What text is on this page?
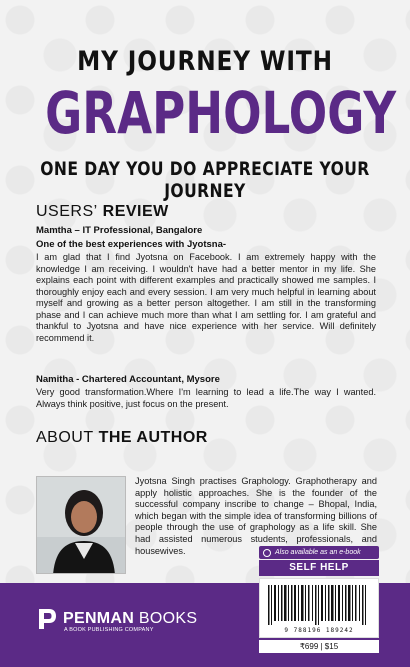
MY JOURNEY WITH
GRAPHOLOGY
ONE DAY YOU DO APPRECIATE YOUR JOURNEY
USERS’ REVIEW
Mamtha – IT Professional, Bangalore
One of the best experiences with Jyotsna-
I am glad that I find Jyotsna on Facebook. I am extremely happy with the knowledge I am receiving. I wouldn't have had a better mentor in my life. She explains each point with different examples and practically showed me samples. I thoroughly enjoy each and every session. I am very much helpful in learning about myself and growing as a better person altogether. I am still in the transforming phase and I can achieve much more than what I am settling for. I am grateful and thankful to Jyotsna and have nice experience with her service. Will definitely recommend it.
Namitha - Chartered Accountant, Mysore
Very good transformation.Where I'm learning to lead a life.The way I wanted. Always think positive, just focus on the present.
ABOUT THE AUTHOR
Jyotsna Singh practises Graphology. Graphotherapy and apply holistic approaches. She is the founder of the successful company inscribe to change – Bhopal, India, which began with the simple idea of transforming billions of people through the use of graphology as a life skill. She had assisted numerous students, professionals, and housewives.	Also available as an e-book
SELF HELP
9 788196 189242
₹699 | $15
PENMAN BOOKS
A BOOK PUBLISHING COMPANY
